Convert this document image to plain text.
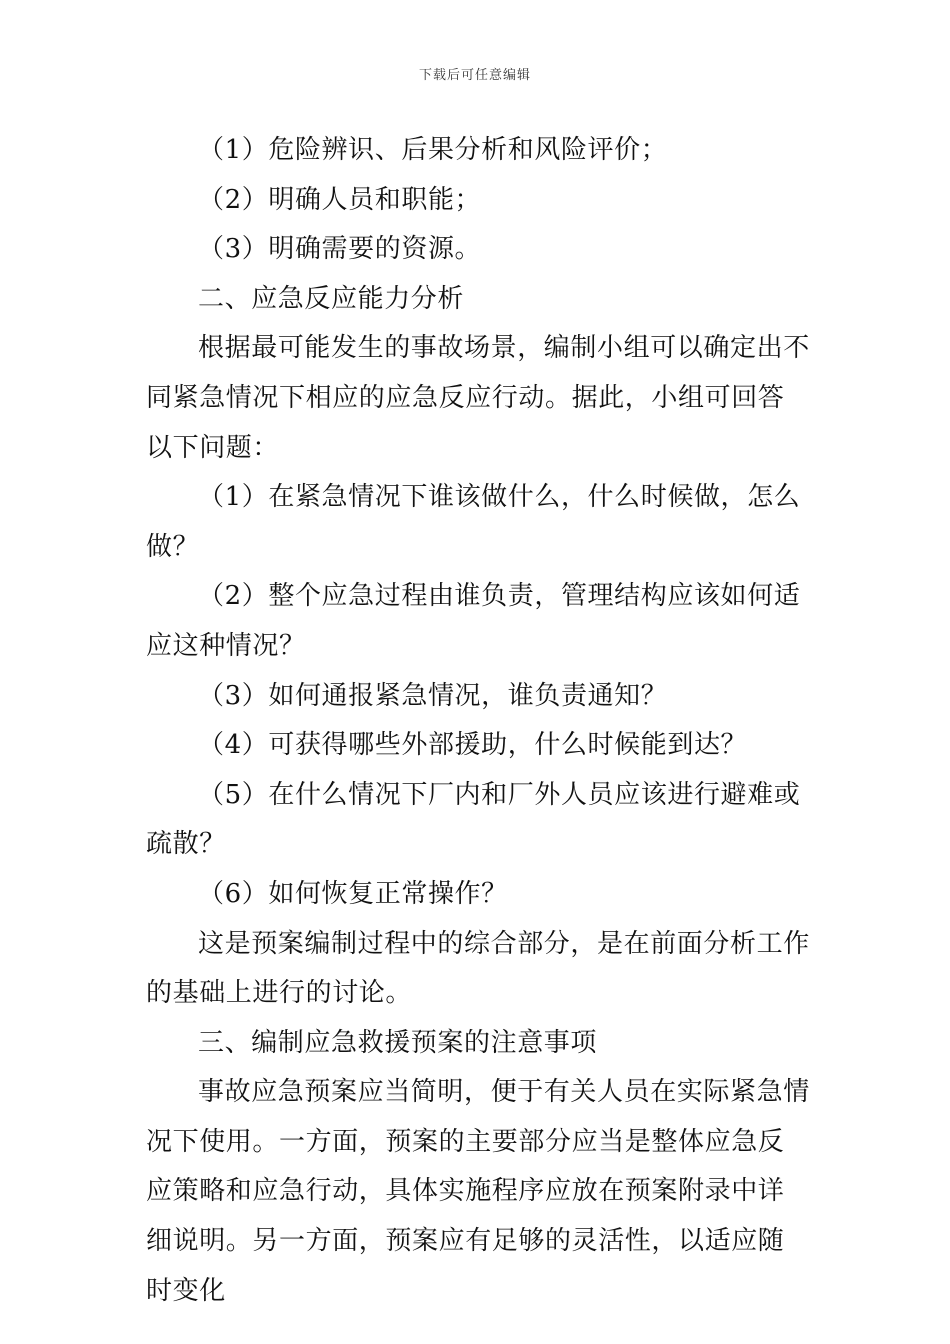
下载后可任意编辑

（1）危险辨识、后果分析和风险评价；

（2）明确人员和职能；

（3）明确需要的资源。

二、应急反应能力分析

根据最可能发生的事故场景，编制小组可以确定出不同紧急情况下相应的应急反应行动。据此，小组可回答以下问题：

（1）在紧急情况下谁该做什么，什么时候做，怎么做？

（2）整个应急过程由谁负责，管理结构应该如何适应这种情况？

（3）如何通报紧急情况，谁负责通知？

（4）可获得哪些外部援助，什么时候能到达？

（5）在什么情况下厂内和厂外人员应该进行避难或疏散？

（6）如何恢复正常操作？

这是预案编制过程中的综合部分，是在前面分析工作的基础上进行的讨论。

三、编制应急救援预案的注意事项

事故应急预案应当简明，便于有关人员在实际紧急情况下使用。一方面，预案的主要部分应当是整体应急反应策略和应急行动，具体实施程序应放在预案附录中详细说明。另一方面，预案应有足够的灵活性，以适应随时变化
